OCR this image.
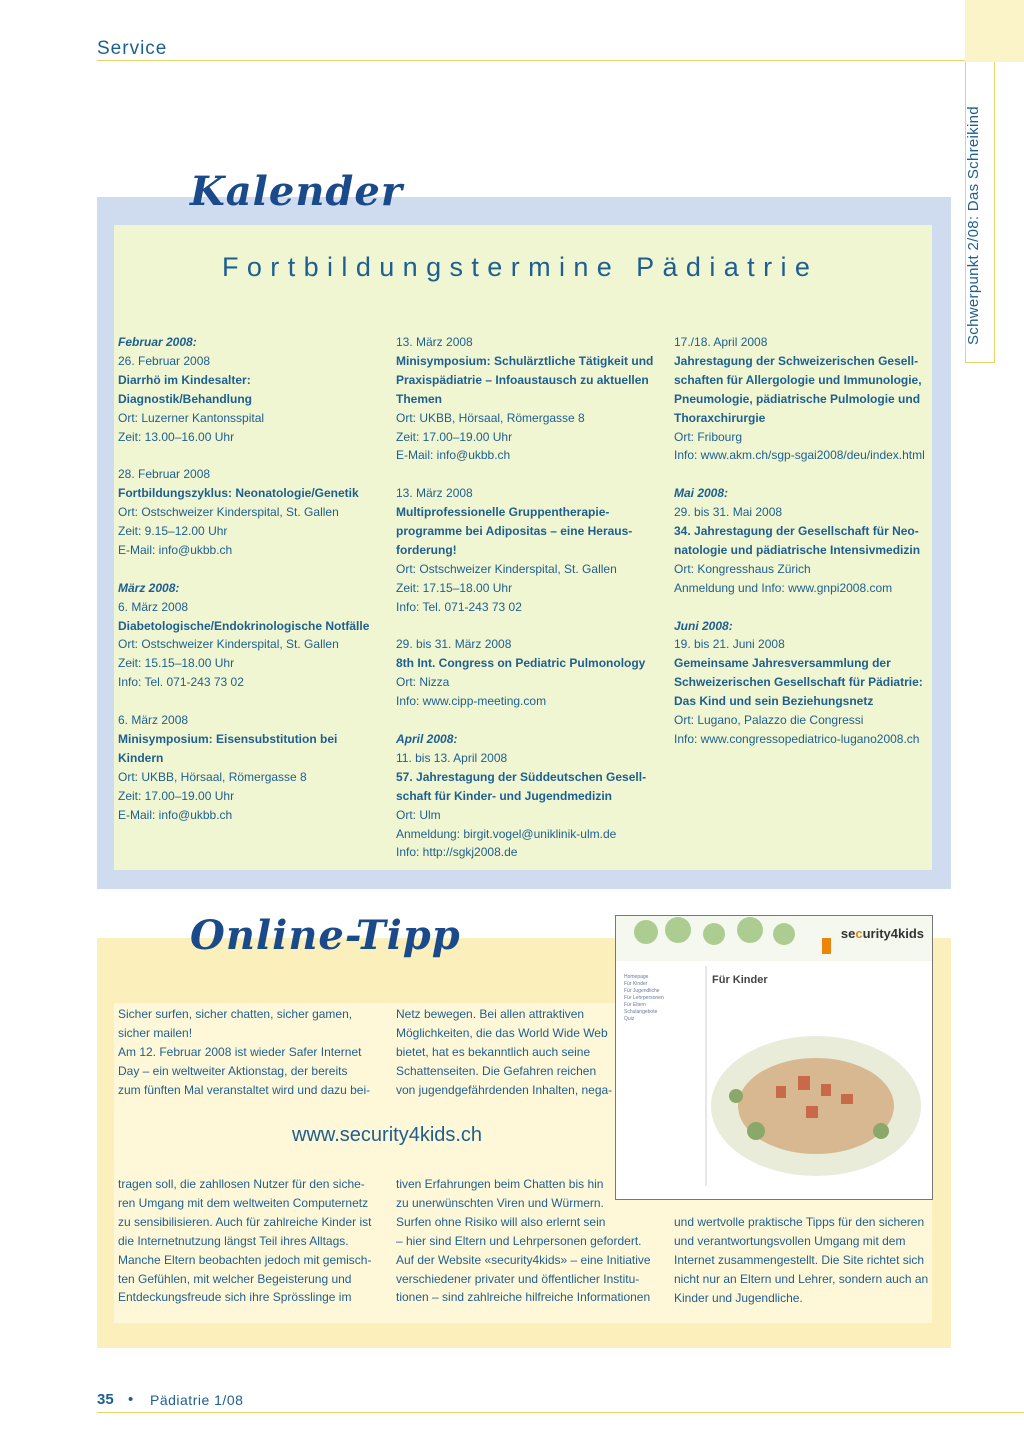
Service
Schwerpunkt 2/08: Das Schreikind
Kalender
Fortbildungstermine Pädiatrie
Februar 2008:
26. Februar 2008
Diarrhö im Kindesalter:
Diagnostik/Behandlung
Ort: Luzerner Kantonsspital
Zeit: 13.00–16.00 Uhr
28. Februar 2008
Fortbildungszyklus: Neonatologie/Genetik
Ort: Ostschweizer Kinderspital, St. Gallen
Zeit: 9.15–12.00 Uhr
E-Mail: info@ukbb.ch
März 2008:
6. März 2008
Diabetologische/Endokrinologische Notfälle
Ort: Ostschweizer Kinderspital, St. Gallen
Zeit: 15.15–18.00 Uhr
Info: Tel. 071-243 73 02
6. März 2008
Minisymposium: Eisensubstitution bei
Kindern
Ort: UKBB, Hörsaal, Römergasse 8
Zeit: 17.00–19.00 Uhr
E-Mail: info@ukbb.ch
13. März 2008
Minisymposium: Schulärztliche Tätigkeit und
Praxispädiatrie – Infoaustausch zu aktuellen
Themen
Ort: UKBB, Hörsaal, Römergasse 8
Zeit: 17.00–19.00 Uhr
E-Mail: info@ukbb.ch
13. März 2008
Multiprofessionelle Gruppentherapie-
programme bei Adipositas – eine Heraus-
forderung!
Ort: Ostschweizer Kinderspital, St. Gallen
Zeit: 17.15–18.00 Uhr
Info: Tel. 071-243 73 02
29. bis 31. März 2008
8th Int. Congress on Pediatric Pulmonology
Ort: Nizza
Info: www.cipp-meeting.com
April 2008:
11. bis 13. April 2008
57. Jahrestagung der Süddeutschen Gesell-
schaft für Kinder- und Jugendmedizin
Ort: Ulm
Anmeldung: birgit.vogel@uniklinik-ulm.de
Info: http://sgkj2008.de
17./18. April 2008
Jahrestagung der Schweizerischen Gesell-
schaften für Allergologie und Immunologie,
Pneumologie, pädiatrische Pulmologie und
Thoraxchirurgie
Ort: Fribourg
Info: www.akm.ch/sgp-sgai2008/deu/index.html
Mai 2008:
29. bis 31. Mai 2008
34. Jahrestagung der Gesellschaft für Neo-
natologie und pädiatrische Intensivmedizin
Ort: Kongresshaus Zürich
Anmeldung und Info: www.gnpi2008.com
Juni 2008:
19. bis 21. Juni 2008
Gemeinsame Jahresversammlung der
Schweizerischen Gesellschaft für Pädiatrie:
Das Kind und sein Beziehungsnetz
Ort: Lugano, Palazzo die Congressi
Info: www.congressopediatrico-lugano2008.ch
Online-Tipp
Sicher surfen, sicher chatten, sicher gamen,
sicher mailen!
Am 12. Februar 2008 ist wieder Safer Internet
Day – ein weltweiter Aktionstag, der bereits
zum fünften Mal veranstaltet wird und dazu bei-
Netz bewegen. Bei allen attraktiven
Möglichkeiten, die das World Wide Web
bietet, hat es bekanntlich auch seine
Schattenseiten. Die Gefahren reichen
von jugendgefährdenden Inhalten, nega-
www.security4kids.ch
tragen soll, die zahllosen Nutzer für den siche-
ren Umgang mit dem weltweiten Computernetz
zu sensibilisieren. Auch für zahlreiche Kinder ist
die Internetnutzung längst Teil ihres Alltags.
Manche Eltern beobachten jedoch mit gemisch-
ten Gefühlen, mit welcher Begeisterung und
Entdeckungsfreude sich ihre Sprösslinge im
tiven Erfahrungen beim Chatten bis hin
zu unerwünschten Viren und Würmern.
Surfen ohne Risiko will also erlernt sein
– hier sind Eltern und Lehrpersonen gefordert.
Auf der Website «security4kids» – eine Initiative
verschiedener privater und öffentlicher Institu-
tionen – sind zahlreiche hilfreiche Informationen
und wertvolle praktische Tipps für den sicheren
und verantwortungsvollen Umgang mit dem
Internet zusammengestellt. Die Site richtet sich
nicht nur an Eltern und Lehrer, sondern auch an
Kinder und Jugendliche.
security4kids
Für Kinder
Homepage
Für Kinder
Für Jugendliche
Für Lehrpersonen
Für Eltern
Schulangebote
Quiz
35 • Pädiatrie 1/08
